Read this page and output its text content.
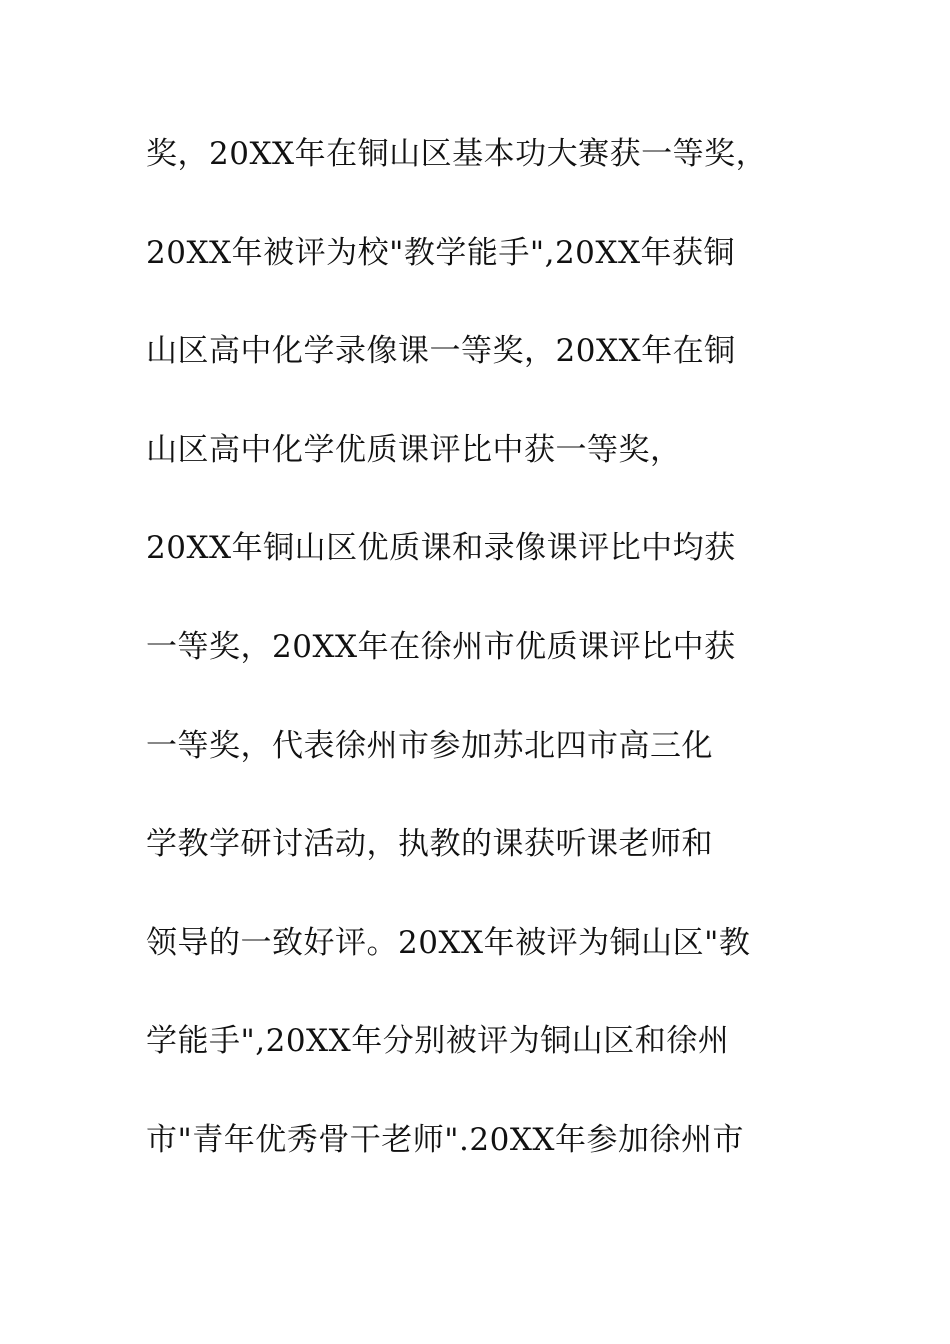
奖，20XX年在铜山区基本功大赛获一等奖，
20XX年被评为校"教学能手",20XX年获铜
山区高中化学录像课一等奖，20XX年在铜
山区高中化学优质课评比中获一等奖，
20XX年铜山区优质课和录像课评比中均获
一等奖，20XX年在徐州市优质课评比中获
一等奖，代表徐州市参加苏北四市高三化
学教学研讨活动，执教的课获听课老师和
领导的一致好评。20XX年被评为铜山区"教
学能手",20XX年分别被评为铜山区和徐州
市"青年优秀骨干老师".20XX年参加徐州市
